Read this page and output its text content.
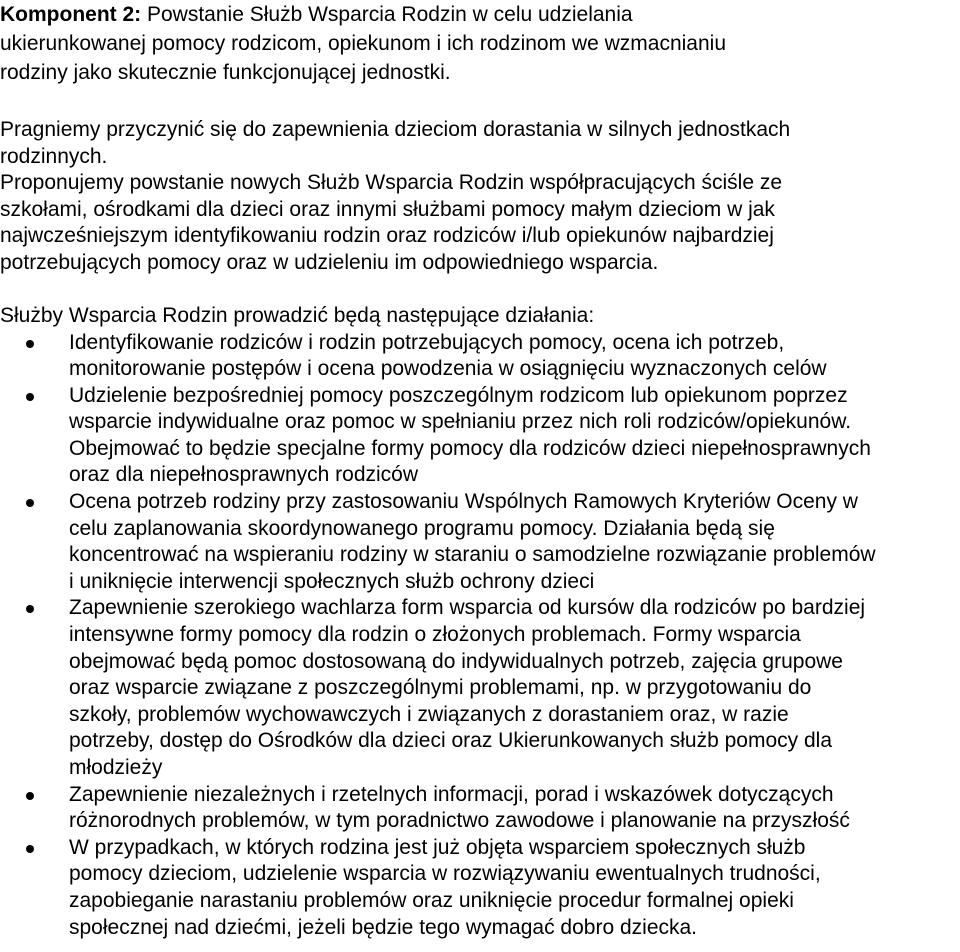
Komponent 2: Powstanie Służb Wsparcia Rodzin w celu udzielania
ukierunkowanej pomocy rodzicom, opiekunom i ich rodzinom we wzmacnianiu
rodziny jako skutecznie funkcjonującej jednostki.

Pragniemy przyczynić się do zapewnienia dzieciom dorastania w silnych jednostkach
rodzinnych.

Proponujemy powstanie nowych Służb Wsparcia Rodzin współpracujących ściśle ze
szkołami, ośrodkami dla dzieci oraz innymi służbami pomocy małym dzieciom w jak
najwcześniejszym identyfikowaniu rodzin oraz rodziców i/lub opiekunów najbardziej
potrzebujących pomocy oraz w udzieleniu im odpowiedniego wsparcia.

Służby Wsparcia Rodzin prowadzić będą następujące działania:

Identyfikowanie rodziców i rodzin potrzebujących pomocy, ocena ich potrzeb,
monitorowanie postępów i ocena powodzenia w osiągnięciu wyznaczonych celów
Udzielenie bezpośredniej pomocy poszczególnym rodzicom lub opiekunom poprzez
wsparcie indywidualne oraz pomoc w spełnianiu przez nich roli rodziców/opiekunów.
Obejmować to będzie specjalne formy pomocy dla rodziców dzieci niepełnosprawnych
oraz dla niepełnosprawnych rodziców
Ocena potrzeb rodziny przy zastosowaniu Wspólnych Ramowych Kryteriów Oceny w
celu zaplanowania skoordynowanego programu pomocy. Działania będą się
koncentrować na wspieraniu rodziny w staraniu o samodzielne rozwiązanie problemów
i uniknięcie interwencji społecznych służb ochrony dzieci
Zapewnienie szerokiego wachlarza form wsparcia od kursów dla rodziców po bardziej
intensywne formy pomocy dla rodzin o złożonych problemach. Formy wsparcia
obejmować będą pomoc dostosowaną do indywidualnych potrzeb, zajęcia grupowe
oraz wsparcie związane z poszczególnymi problemami, np. w przygotowaniu do
szkoły, problemów wychowawczych i związanych z dorastaniem oraz, w razie
potrzeby, dostęp do Ośrodków dla dzieci oraz Ukierunkowanych służb pomocy dla
młodzieży
Zapewnienie niezależnych i rzetelnych informacji, porad i wskazówek dotyczących
różnorodnych problemów, w tym poradnictwo zawodowe i planowanie na przyszłość
W przypadkach, w których rodzina jest już objęta wsparciem społecznych służb
pomocy dzieciom, udzielenie wsparcia w rozwiązywaniu ewentualnych trudności,
zapobieganie narastaniu problemów oraz uniknięcie procedur formalnej opieki
społecznej nad dziećmi, jeżeli będzie tego wymagać dobro dziecka.
